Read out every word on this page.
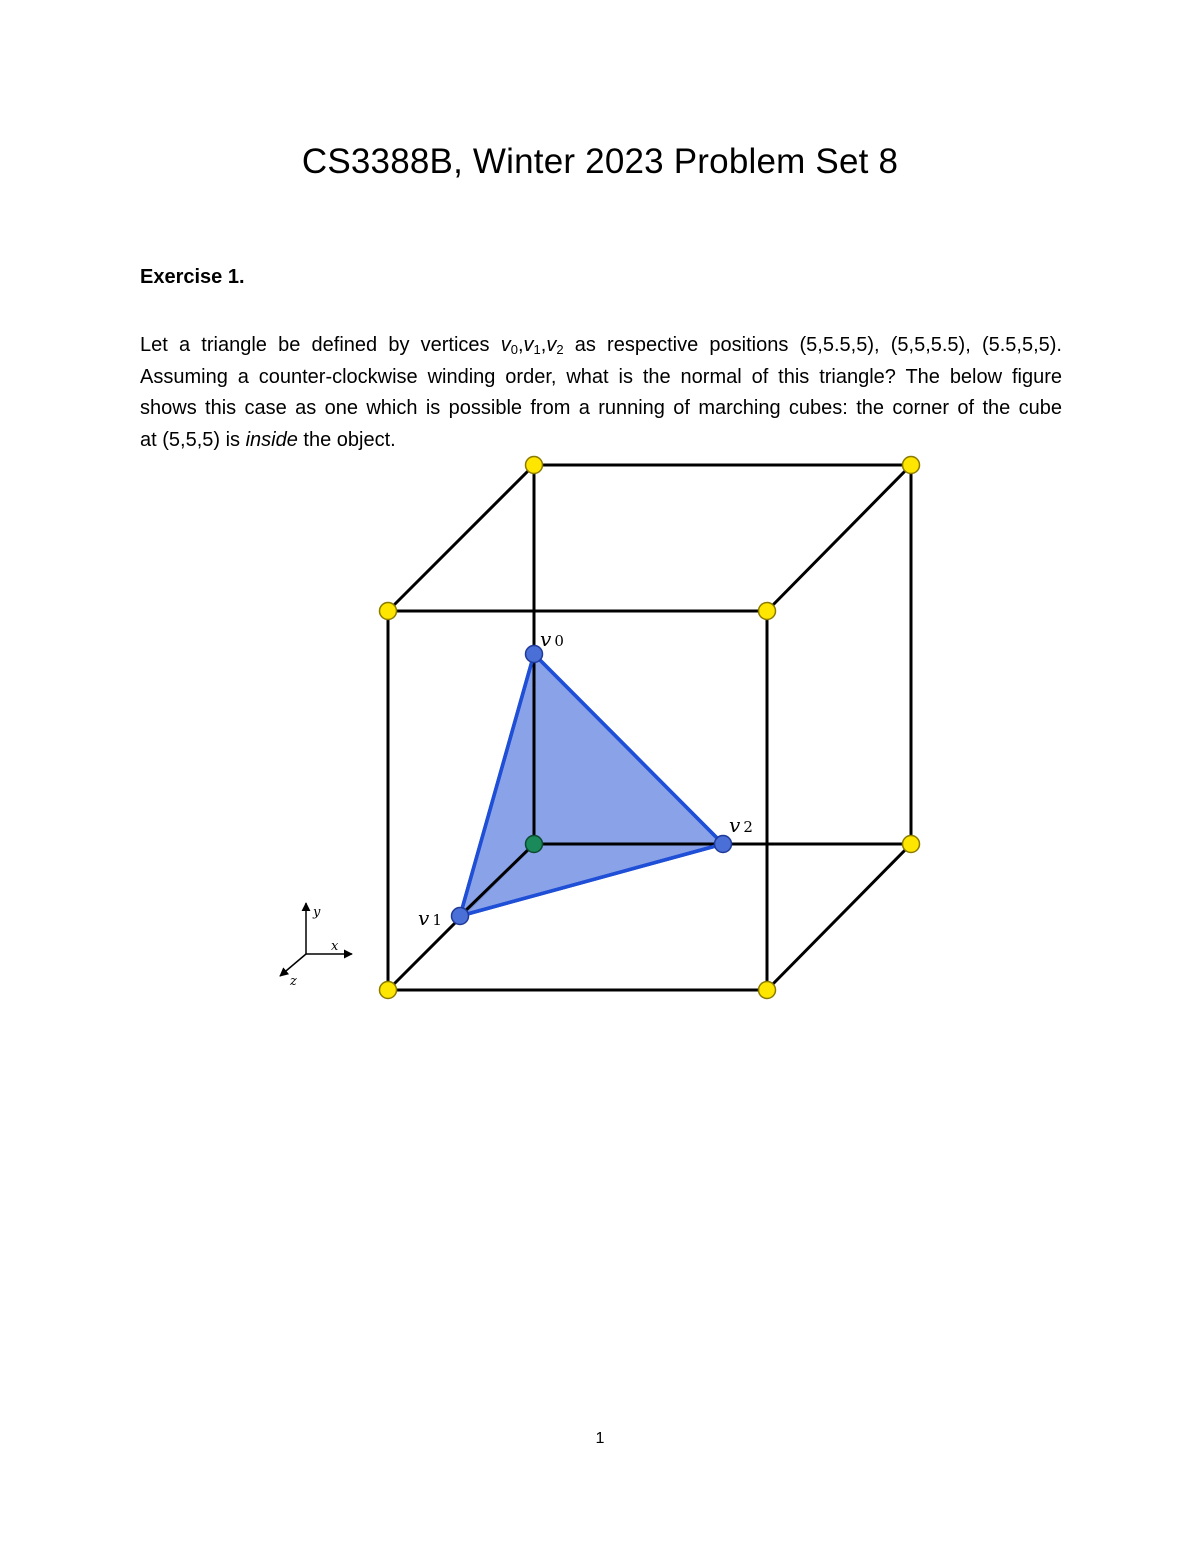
CS3388B, Winter 2023 Problem Set 8
Exercise 1.
Let a triangle be defined by vertices $v_0,v_1,v_2$ as respective positions (5,5.5,5), (5,5,5.5), (5.5,5,5).
Assuming a counter-clockwise winding order, what is the normal of this triangle? The below figure
shows this case as one which is possible from a running of marching cubes: the corner of the cube
at (5,5,5) is inside the object.
v 0
v 1
v 2
y
x
z
1
